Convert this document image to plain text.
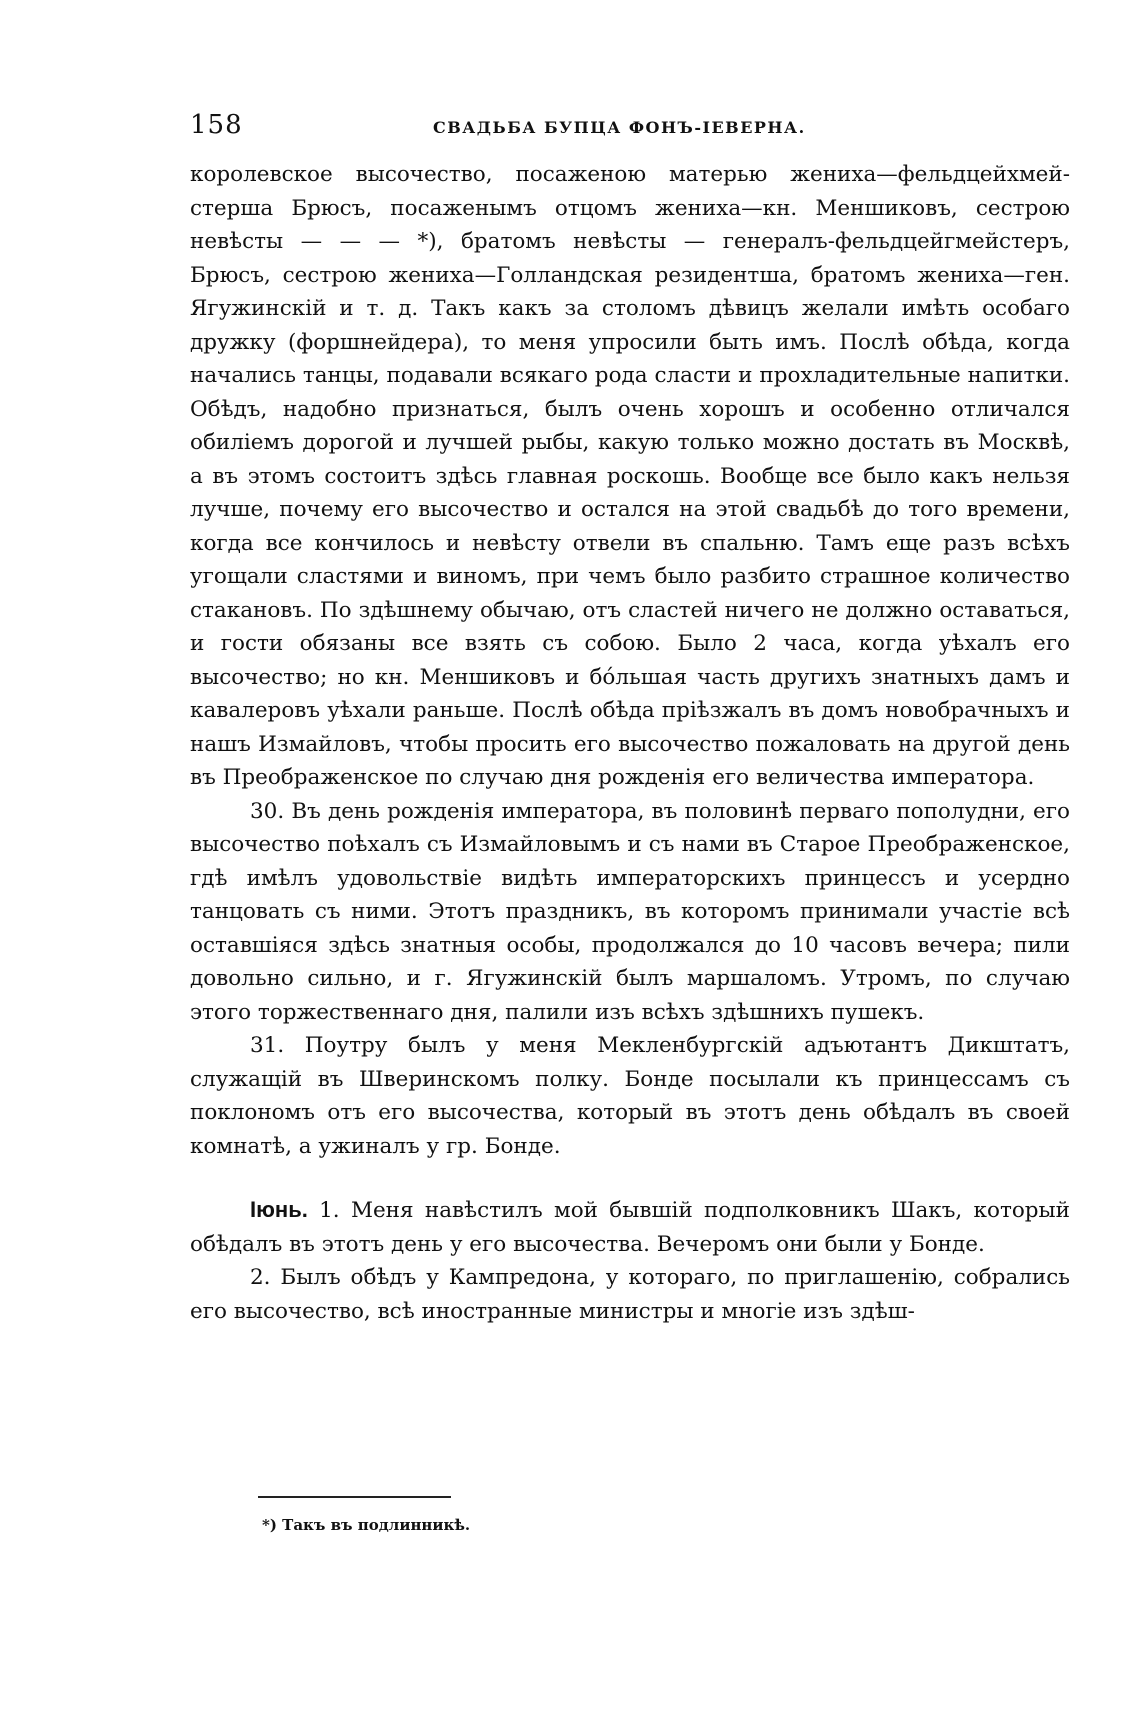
158	СВАДЬБА БУПЦА ФОНЪ-ІЕВЕРНА.

королевское высочество, посаженою матерью жениха—фельдцейхмей-стерша Брюсъ, посаженымъ отцомъ жениха—кн. Меншиковъ, сестрою невѣсты — — — *), братомъ невѣсты — генералъ-фельдцейгмейстеръ, Брюсъ, сестрою жениха—Голландская резидентша, братомъ жениха—ген. Ягужинскій и т. д. Такъ какъ за столомъ дѣвицъ желали имѣть особаго дружку (форшнейдера), то меня упросили быть имъ. Послѣ обѣда, когда начались танцы, подавали всякаго рода сласти и прохладительные напитки. Обѣдъ, надобно признаться, былъ очень хорошъ и особенно отличался обиліемъ дорогой и лучшей рыбы, какую только можно достать въ Москвѣ, а въ этомъ состоитъ здѣсь главная роскошь. Вообще все было какъ нельзя лучше, почему его высочество и остался на этой свадьбѣ до того времени, когда все кончилось и невѣсту отвели въ спальню. Тамъ еще разъ всѣхъ угощали сластями и виномъ, при чемъ было разбито страшное количество стакановъ. По здѣшнему обычаю, отъ сластей ничего не должно оставаться, и гости обязаны все взять съ собою. Было 2 часа, когда уѣхалъ его высочество; но кн. Меншиковъ и бóльшая часть другихъ знатныхъ дамъ и кавалеровъ уѣхали раньше. Послѣ обѣда пріѣзжалъ въ домъ новобрачныхъ и нашъ Измайловъ, чтобы просить его высочество пожаловать на другой день въ Преображенское по случаю дня рожденія его величества императора.

30. Въ день рожденія императора, въ половинѣ перваго пополудни, его высочество поѣхалъ съ Измайловымъ и съ нами въ Старое Преображенское, гдѣ имѣлъ удовольствіе видѣть императорскихъ принцессъ и усердно танцовать съ ними. Этотъ праздникъ, въ которомъ принимали участіе всѣ оставшіяся здѣсь знатныя особы, продолжался до 10 часовъ вечера; пили довольно сильно, и г. Ягужинскій былъ маршаломъ. Утромъ, по случаю этого торжественнаго дня, палили изъ всѣхъ здѣшнихъ пушекъ.

31. Поутру былъ у меня Мекленбургскій адъютантъ Дикштатъ, служащій въ Шверинскомъ полку. Бонде посылали къ принцессамъ съ поклономъ отъ его высочества, который въ этотъ день обѣдалъ въ своей комнатѣ, а ужиналъ у гр. Бонде.

Іюнь. 1. Меня навѣстилъ мой бывшій подполковникъ Шакъ, который обѣдалъ въ этотъ день у его высочества. Вечеромъ они были у Бонде.

2. Былъ обѣдъ у Кампредона, у котораго, по приглашенію, собрались его высочество, всѣ иностранные министры и многіе изъ здѣш-

*) Такъ въ подлинникѣ.
